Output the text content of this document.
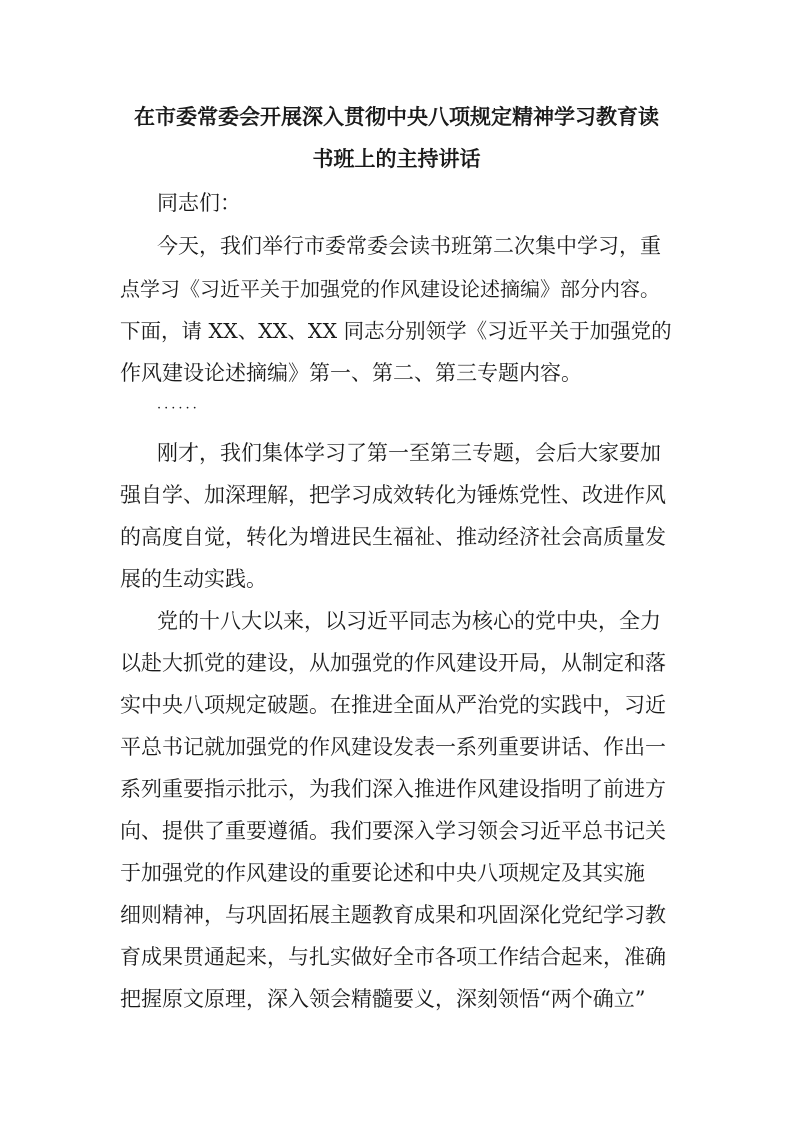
在市委常委会开展深入贯彻中央八项规定精神学习教育读
书班上的主持讲话
同志们：
今天，我们举行市委常委会读书班第二次集中学习，重
点学习《习近平关于加强党的作风建设论述摘编》部分内容。
下面，请 XX、XX、XX 同志分别领学《习近平关于加强党的
作风建设论述摘编》第一、第二、第三专题内容。
······
刚才，我们集体学习了第一至第三专题，会后大家要加
强自学、加深理解，把学习成效转化为锤炼党性、改进作风
的高度自觉，转化为增进民生福祉、推动经济社会高质量发
展的生动实践。
党的十八大以来，以习近平同志为核心的党中央，全力
以赴大抓党的建设，从加强党的作风建设开局，从制定和落
实中央八项规定破题。在推进全面从严治党的实践中，习近
平总书记就加强党的作风建设发表一系列重要讲话、作出一
系列重要指示批示，为我们深入推进作风建设指明了前进方
向、提供了重要遵循。我们要深入学习领会习近平总书记关
于加强党的作风建设的重要论述和中央八项规定及其实施
细则精神，与巩固拓展主题教育成果和巩固深化党纪学习教
育成果贯通起来，与扎实做好全市各项工作结合起来，准确
把握原文原理，深入领会精髓要义，深刻领悟“两个确立”
